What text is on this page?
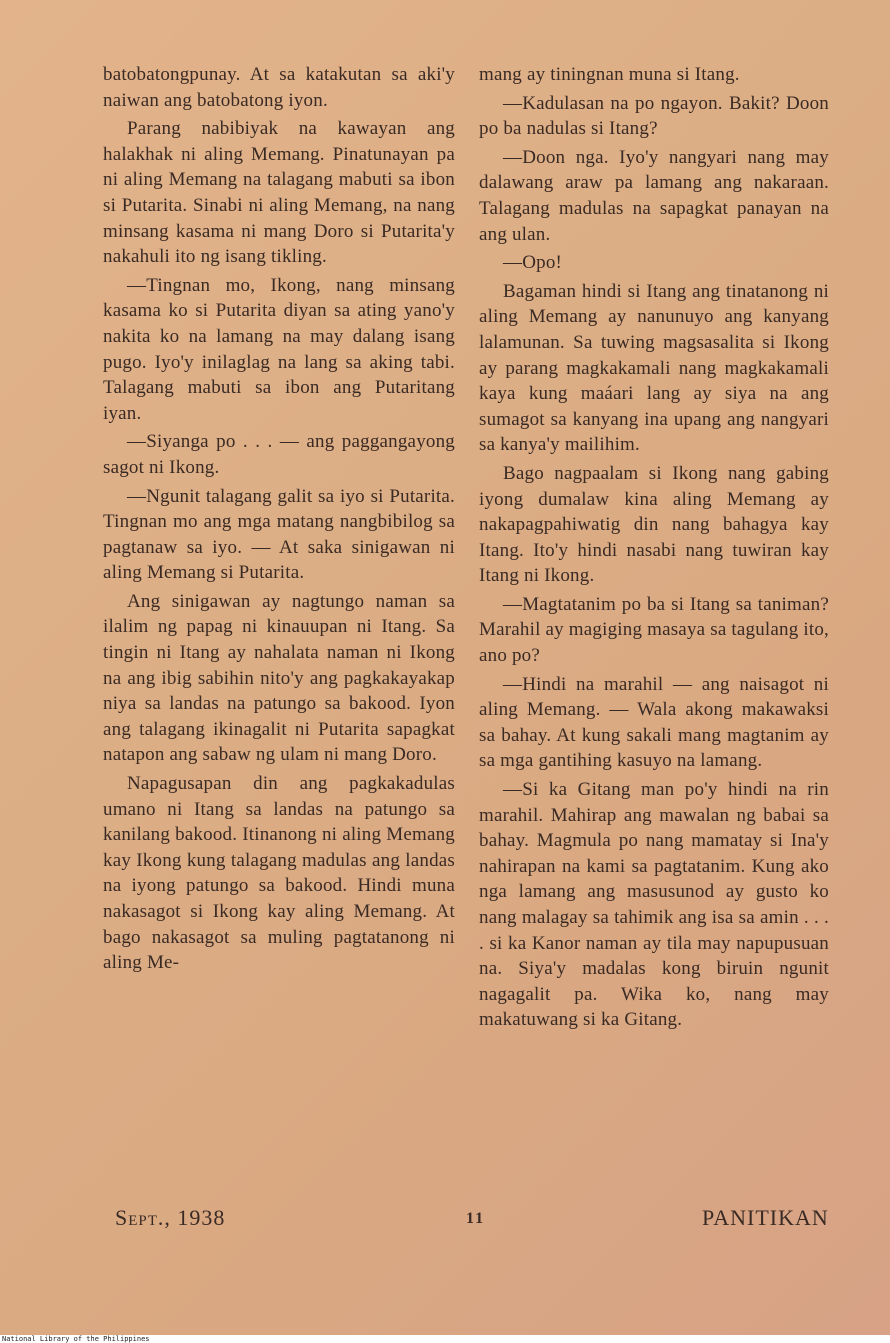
batobatongpunay. At sa katakutan sa aki'y naiwan ang batobatong iyon.

Parang nabibiyak na kawayan ang halakhak ni aling Memang. Pinatunayan pa ni aling Memang na talagang mabuti sa ibon si Putarita. Sinabi ni aling Memang, na nang minsang kasama ni mang Doro si Putarita'y nakahuli ito ng isang tikling.

—Tingnan mo, Ikong, nang minsang kasama ko si Putarita diyan sa ating yano'y nakita ko na lamang na may dalang isang pugo. Iyo'y inilaglag na lang sa aking tabi. Talagang mabuti sa ibon ang Putaritang iyan.

—Siyanga po . . . — ang paggangayong sagot ni Ikong.

—Ngunit talagang galit sa iyo si Putarita. Tingnan mo ang mga matang nangbibilog sa pagtanaw sa iyo. — At saka sinigawan ni aling Memang si Putarita.

Ang sinigawan ay nagtungo naman sa ilalim ng papag ni kinauupan ni Itang. Sa tingin ni Itang ay nahalata naman ni Ikong na ang ibig sabihin nito'y ang pagkakayakap niya sa landas na patungo sa bakood. Iyon ang talagang ikinagalit ni Putarita sapagkat natapon ang sabaw ng ulam ni mang Doro.

Napagusapan din ang pagkakadulas umano ni Itang sa landas na patungo sa kanilang bakood. Itinanong ni aling Memang kay Ikong kung talagang madulas ang landas na iyong patungo sa bakood. Hindi muna nakasagot si Ikong kay aling Memang. At bago nakasagot sa muling pagtatanong ni aling Me-

mang ay tiningnan muna si Itang.

—Kadulasan na po ngayon. Bakit? Doon po ba nadulas si Itang?

—Doon nga. Iyo'y nangyari nang may dalawang araw pa lamang ang nakaraan. Talagang madulas na sapagkat panayan na ang ulan.

—Opo!

Bagaman hindi si Itang ang tinatanong ni aling Memang ay nanunuyo ang kanyang lalamunan. Sa tuwing magsasalita si Ikong ay parang magkakamali nang magkakamali kaya kung maáari lang ay siya na ang sumagot sa kanyang ina upang ang nangyari sa kanya'y mailihim.

Bago nagpaalam si Ikong nang gabing iyong dumalaw kina aling Memang ay nakapagpahiwatig din nang bahagya kay Itang. Ito'y hindi nasabi nang tuwiran kay Itang ni Ikong.

—Magtatanim po ba si Itang sa taniman? Marahil ay magiging masaya sa tagulang ito, ano po?

—Hindi na marahil — ang naisagot ni aling Memang. — Wala akong makawaksi sa bahay. At kung sakali mang magtanim ay sa mga gantihing kasuyo na lamang.

—Si ka Gitang man po'y hindi na rin marahil. Mahirap ang mawalan ng babai sa bahay. Magmula po nang mamatay si Ina'y nahirapan na kami sa pagtatanim. Kung ako nga lamang ang masusunod ay gusto ko nang malagay sa tahimik ang isa sa amin . . . . si ka Kanor naman ay tila may napupusuan na. Siya'y madalas kong biruin ngunit nagagalit pa. Wika ko, nang may makatuwang si ka Gitang.

Sept., 1938	11	PANITIKAN
National Library of the Philippines
